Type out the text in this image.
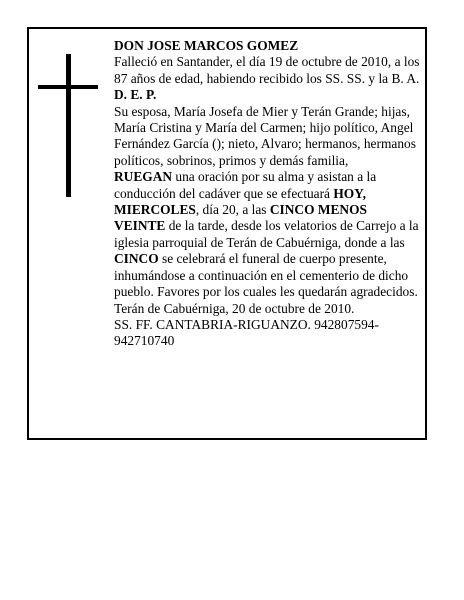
DON JOSE MARCOS GOMEZ

Falleció en Santander, el día 19 de octubre de 2010, a los 87 años de edad, habiendo recibido los SS. SS. y la B. A.

D. E. P.

Su esposa, María Josefa de Mier y Terán Grande; hijas, María Cristina y María del Carmen; hijo político, Angel Fernández García (); nieto, Alvaro; hermanos, hermanos políticos, sobrinos, primos y demás familia,

RUEGAN una oración por su alma y asistan a la conducción del cadáver que se efectuará HOY, MIERCOLES, día 20, a las CINCO MENOS VEINTE de la tarde, desde los velatorios de Carrejo a la iglesia parroquial de Terán de Cabuérniga, donde a las CINCO se celebrará el funeral de cuerpo presente, inhumándose a continuación en el cementerio de dicho pueblo. Favores por los cuales les quedarán agradecidos.

Terán de Cabuérniga, 20 de octubre de 2010.

SS. FF. CANTABRIA-RIGUANZO. 942807594-942710740
